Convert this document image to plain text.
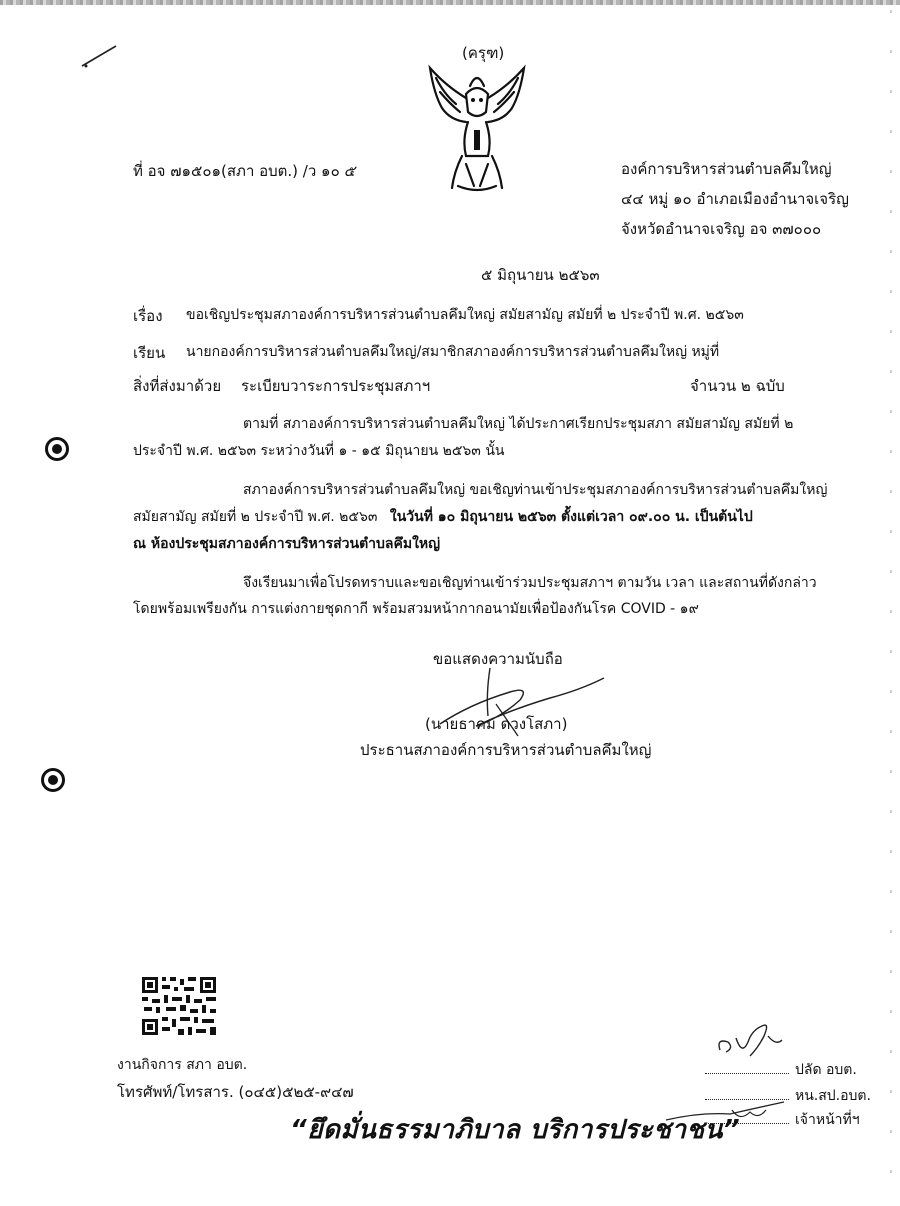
(ครุฑ)
ที่ อจ ๗๑๕๐๑(สภา อบต.) /ว ๑๐ ๕	องค์การบริหารส่วนตำบลคึมใหญ่
๔๔ หมู่ ๑๐ อำเภอเมืองอำนาจเจริญ
จังหวัดอำนาจเจริญ อจ ๓๗๐๐๐
๕ มิถุนายน ๒๕๖๓
เรื่อง ขอเชิญประชุมสภาองค์การบริหารส่วนตำบลคึมใหญ่ สมัยสามัญ สมัยที่ ๒ ประจำปี พ.ศ. ๒๕๖๓
เรียน นายกองค์การบริหารส่วนตำบลคึมใหญ่/สมาชิกสภาองค์การบริหารส่วนตำบลคึมใหญ่ หมู่ที่
สิ่งที่ส่งมาด้วย ระเบียบวาระการประชุมสภาฯ	จำนวน ๒ ฉบับ
ตามที่ สภาองค์การบริหารส่วนตำบลคึมใหญ่ ได้ประกาศเรียกประชุมสภา สมัยสามัญ สมัยที่ ๒
ประจำปี พ.ศ. ๒๕๖๓ ระหว่างวันที่ ๑ - ๑๕ มิถุนายน ๒๕๖๓ นั้น
สภาองค์การบริหารส่วนตำบลคึมใหญ่ ขอเชิญท่านเข้าประชุมสภาองค์การบริหารส่วนตำบลคึมใหญ่
สมัยสามัญ สมัยที่ ๒ ประจำปี พ.ศ. ๒๕๖๓ ในวันที่ ๑๐ มิถุนายน ๒๕๖๓ ตั้งแต่เวลา ๐๙.๐๐ น. เป็นต้นไป
ณ ห้องประชุมสภาองค์การบริหารส่วนตำบลคึมใหญ่
จึงเรียนมาเพื่อโปรดทราบและขอเชิญท่านเข้าร่วมประชุมสภาฯ ตามวัน เวลา และสถานที่ดังกล่าว
โดยพร้อมเพรียงกัน การแต่งกายชุดกากี พร้อมสวมหน้ากากอนามัยเพื่อป้องกันโรค COVID - ๑๙
ขอแสดงความนับถือ
(นายธาคม ดวงโสภา)
ประธานสภาองค์การบริหารส่วนตำบลคึมใหญ่
งานกิจการ สภา อบต.
โทรศัพท์/โทรสาร. (๐๔๕)๕๒๕-๙๔๗
“ยึดมั่นธรรมาภิบาล บริการประชาชน”
ปลัด อบต.
หน.สป.อบต.
เจ้าหน้าที่ฯ
